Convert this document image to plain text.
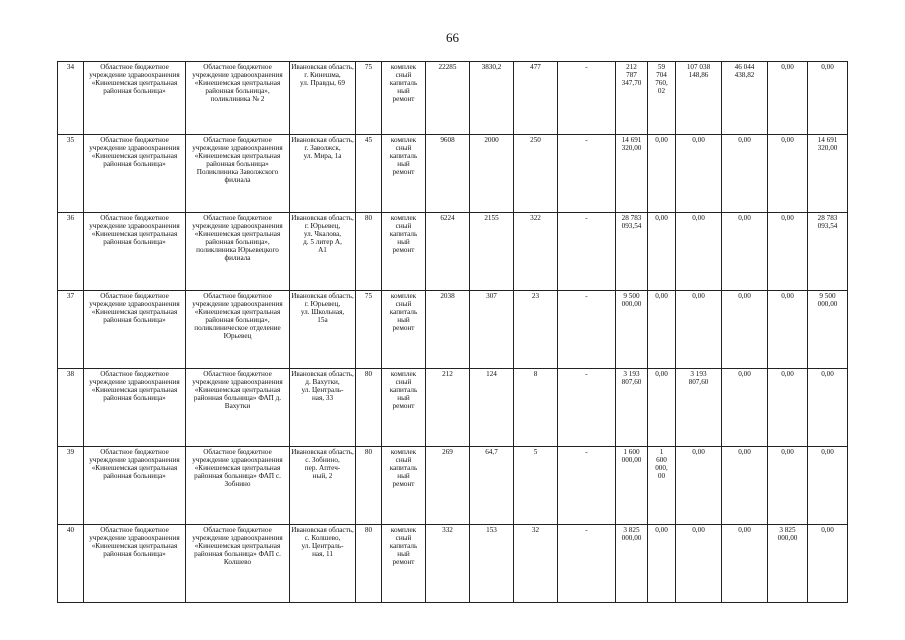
66
34	Областное бюджетное учреждение здравоохранения «Кинешемская центральная районная больница»	Областное бюджетное учреждение здравоохранения «Кинешемская центральная районная больница», поликлиника № 2	Ивановская область,
г. Кинешма,
ул. Правды, 69	75	комплек
сный
капиталь
ный
ремонт	22285	3830,2	477	-	212
787
347,70	59
704
760,
02	107 038
148,86	46 044
438,82	0,00	0,00
35	Областное бюджетное учреждение здравоохранения «Кинешемская центральная районная больница»	Областное бюджетное учреждение здравоохранения «Кинешемская центральная районная больница» Поликлиника Заволжского филиала	Ивановская область,
г. Заволжск,
ул. Мира, 1а	45	комплек
сный
капиталь
ный
ремонт	9608	2000	250	-	14 691
320,00	0,00	0,00	0,00	0,00	14 691
320,00
36	Областное бюджетное учреждение здравоохранения «Кинешемская центральная районная больница»	Областное бюджетное учреждение здравоохранения «Кинешемская центральная районная больница», поликлиника Юрьевецкого филиала	Ивановская область,
г. Юрьевец,
ул. Чкалова,
д. 5 литер А,
А1	80	комплек
сный
капиталь
ный
ремонт	6224	2155	322	-	28 783
093,54	0,00	0,00	0,00	0,00	28 783
093,54
37	Областное бюджетное учреждение здравоохранения «Кинешемская центральная районная больница»	Областное бюджетное учреждение здравоохранения «Кинешемская центральная районная больница», поликлиническое отделение Юрьевец	Ивановская область,
г. Юрьевец,
ул. Школьная,
15а	75	комплек
сный
капиталь
ный
ремонт	2038	307	23	-	9 500
000,00	0,00	0,00	0,00	0,00	9 500
000,00
38	Областное бюджетное учреждение здравоохранения «Кинешемская центральная районная больница»	Областное бюджетное учреждение здравоохранения «Кинешемская центральная районная больница» ФАП д. Вахутки	Ивановская область,
д. Вахутки,
ул. Централь-
ная, 33	80	комплек
сный
капиталь
ный
ремонт	212	124	8	-	3 193
807,60	0,00	3 193
807,60	0,00	0,00	0,00
39	Областное бюджетное учреждение здравоохранения «Кинешемская центральная районная больница»	Областное бюджетное учреждение здравоохранения «Кинешемская центральная районная больница» ФАП с. Зобнино	Ивановская область,
с. Зобнино,
пер. Аптеч-
ный, 2	80	комплек
сный
капиталь
ный
ремонт	269	64,7	5	-	1 600
000,00	1
600
000,
00	0,00	0,00	0,00	0,00
40	Областное бюджетное учреждение здравоохранения «Кинешемская центральная районная больница»	Областное бюджетное учреждение здравоохранения «Кинешемская центральная районная больница» ФАП с. Колшево	Ивановская область,
с. Колшево,
ул. Централь-
ная, 11	80	комплек
сный
капиталь
ный
ремонт	332	153	32	-	3 825
000,00	0,00	0,00	0,00	3 825
000,00	0,00
